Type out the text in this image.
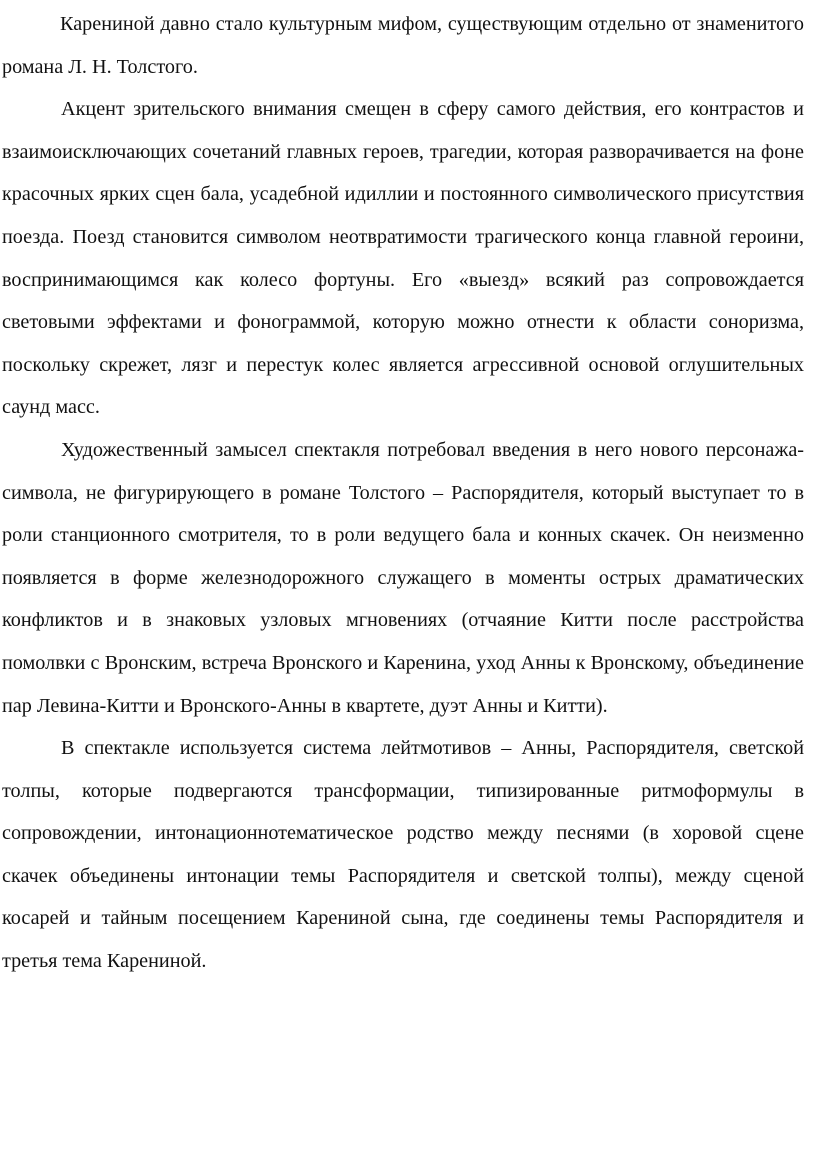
Карениной давно стало культурным мифом, существующим отдельно от знаменитого романа Л. Н. Толстого.

Акцент зрительского внимания смещен в сферу самого действия, его контрастов и взаимоисключающих сочетаний главных героев, трагедии, которая разворачивается на фоне красочных ярких сцен бала, усадебной идиллии и постоянного символического присутствия поезда. Поезд становится символом неотвратимости трагического конца главной героини, воспринимающимся как колесо фортуны. Его «выезд» всякий раз сопровождается световыми эффектами и фонограммой, которую можно отнести к области соноризма, поскольку скрежет, лязг и перестук колес является агрессивной основой оглушительных саунд масс.

Художественный замысел спектакля потребовал введения в него нового персонажа-символа, не фигурирующего в романе Толстого – Распорядителя, который выступает то в роли станционного смотрителя, то в роли ведущего бала и конных скачек. Он неизменно появляется в форме железнодорожного служащего в моменты острых драматических конфликтов и в знаковых узловых мгновениях (отчаяние Китти после расстройства помолвки с Вронским, встреча Вронского и Каренина, уход Анны к Вронскому, объединение пар Левина-Китти и Вронского-Анны в квартете, дуэт Анны и Китти).

В спектакле используется система лейтмотивов – Анны, Распорядителя, светской толпы, которые подвергаются трансформации, типизированные ритмоформулы в сопровождении, интонационнотематическое родство между песнями (в хоровой сцене скачек объединены интонации темы Распорядителя и светской толпы), между сценой косарей и тайным посещением Карениной сына, где соединены темы Распорядителя и третья тема Карениной.
